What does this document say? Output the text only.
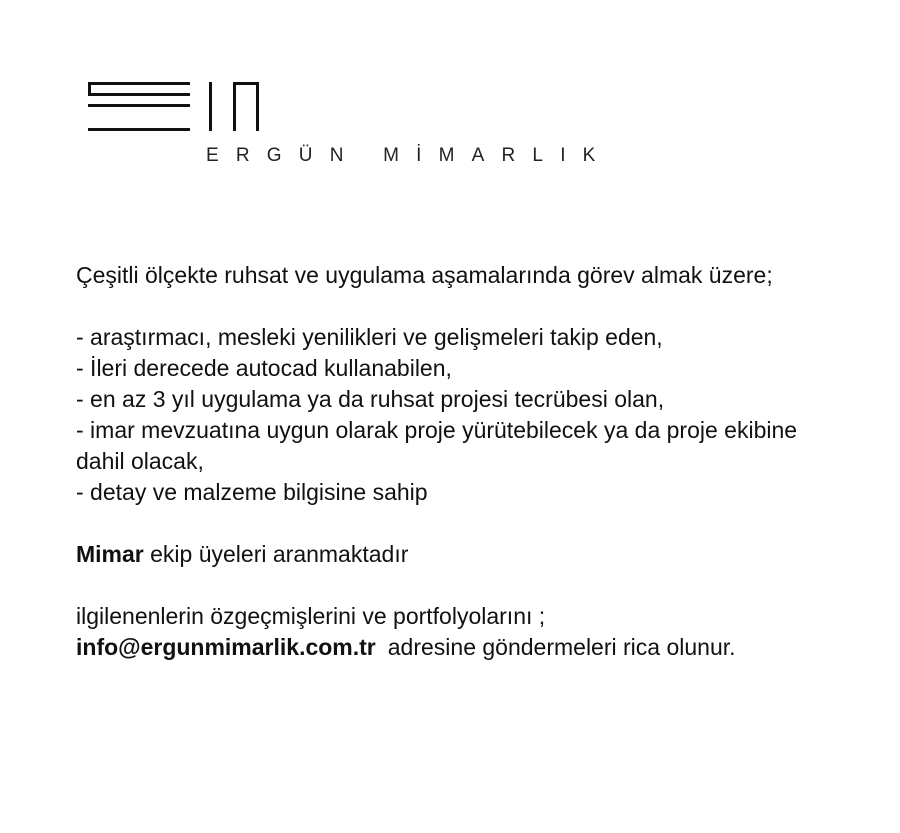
ERGÜN MİMARLIK

Çeşitli ölçekte ruhsat ve uygulama aşamalarında görev almak üzere;

- araştırmacı, mesleki yenilikleri ve gelişmeleri takip eden,

- İleri derecede autocad kullanabilen,

- en az 3 yıl uygulama ya da ruhsat projesi tecrübesi olan,

- imar mevzuatına uygun olarak proje yürütebilecek ya da proje ekibine dahil olacak,

- detay ve malzeme bilgisine sahip

Mimar ekip üyeleri aranmaktadır

ilgilenenlerin özgeçmişlerini ve portfolyolarını ;

info@ergunmimarlik.com.tr adresine göndermeleri rica olunur.
